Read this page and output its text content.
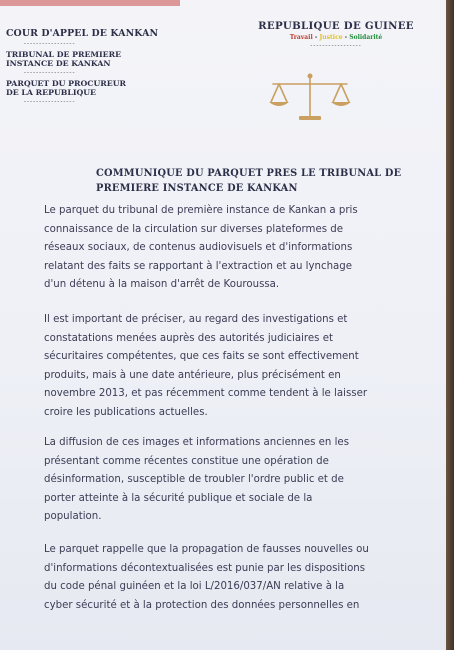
COUR D'APPEL DE KANKAN
-----------------
TRIBUNAL DE PREMIERE
INSTANCE DE KANKAN
-----------------
PARQUET DU PROCUREUR
DE LA REPUBLIQUE
-----------------
REPUBLIQUE DE GUINEE
Travail - Justice - Solidarité
-----------------
COMMUNIQUE DU PARQUET PRES LE TRIBUNAL DE
PREMIERE INSTANCE DE KANKAN
Le parquet du tribunal de première instance de Kankan a pris
connaissance de la circulation sur diverses plateformes de
réseaux sociaux, de contenus audiovisuels et d'informations
relatant des faits se rapportant à l'extraction et au lynchage
d'un détenu à la maison d'arrêt de Kouroussa.
Il est important de préciser, au regard des investigations et
constatations menées auprès des autorités judiciaires et
sécuritaires compétentes, que ces faits se sont effectivement
produits, mais à une date antérieure, plus précisément en
novembre 2013, et pas récemment comme tendent à le laisser
croire les publications actuelles.
La diffusion de ces images et informations anciennes en les
présentant comme récentes constitue une opération de
désinformation, susceptible de troubler l'ordre public et de
porter atteinte à la sécurité publique et sociale de la
population.
Le parquet rappelle que la propagation de fausses nouvelles ou
d'informations décontextualisées est punie par les dispositions
du code pénal guinéen et la loi L/2016/037/AN relative à la
cyber sécurité et à la protection des données personnelles en
